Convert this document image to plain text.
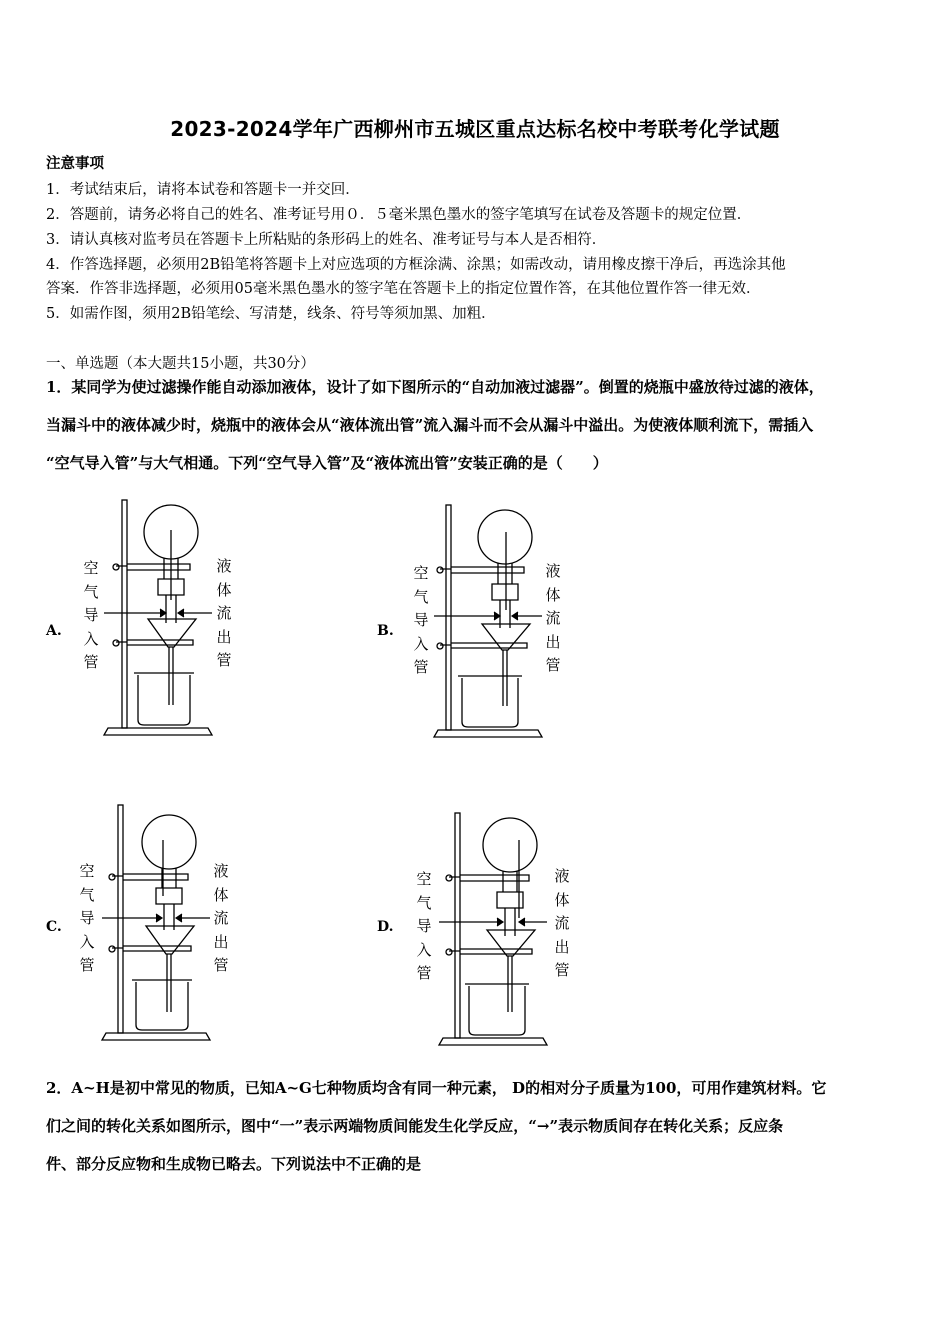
2023-2024学年广西柳州市五城区重点达标名校中考联考化学试题
注意事项
1．考试结束后，请将本试卷和答题卡一并交回．
2．答题前，请务必将自己的姓名、准考证号用０．５毫米黑色墨水的签字笔填写在试卷及答题卡的规定位置．
3．请认真核对监考员在答题卡上所粘贴的条形码上的姓名、准考证号与本人是否相符．
4．作答选择题，必须用2B铅笔将答题卡上对应选项的方框涂满、涂黑；如需改动，请用橡皮擦干净后，再选涂其他
答案．作答非选择题，必须用05毫米黑色墨水的签字笔在答题卡上的指定位置作答，在其他位置作答一律无效．
5．如需作图，须用2B铅笔绘、写清楚，线条、符号等须加黑、加粗．
一、单选题（本大题共15小题，共30分）
1．某同学为使过滤操作能自动添加液体，设计了如下图所示的“自动加液过滤器”。倒置的烧瓶中盛放待过滤的液体，
当漏斗中的液体减少时，烧瓶中的液体会从“液体流出管”流入漏斗而不会从漏斗中溢出。为使液体顺利流下，需插入
“空气导入管”与大气相通。下列“空气导入管”及“液体流出管”安装正确的是（　　）
A.
空气导入管
液体流出管
B.
空气导入管
液体流出管
C.
空气导入管
液体流出管
D.
空气导入管
液体流出管
2．A~H是初中常见的物质，已知A~G七种物质均含有同一种元素， D的相对分子质量为100，可用作建筑材料。它
们之间的转化关系如图所示，图中“一”表示两端物质间能发生化学反应，“→”表示物质间存在转化关系；反应条
件、部分反应物和生成物已略去。下列说法中不正确的是
